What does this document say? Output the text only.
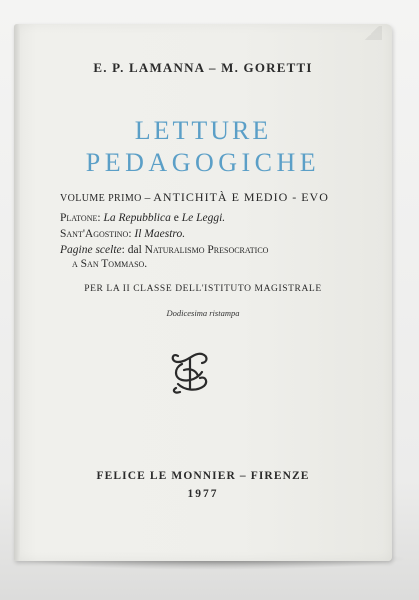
E. P. LAMANNA – M. GORETTI
LETTURE
PEDAGOGICHE
VOLUME PRIMO – ANTICHITÀ E MEDIO - EVO
Platone: La Repubblica e Le Leggi.
Sant'Agostino: Il Maestro.
Pagine scelte: dal Naturalismo Presocratico
a San Tommaso.
PER LA II CLASSE DELL'ISTITUTO MAGISTRALE
Dodicesima ristampa
FELICE LE MONNIER – FIRENZE
1977
